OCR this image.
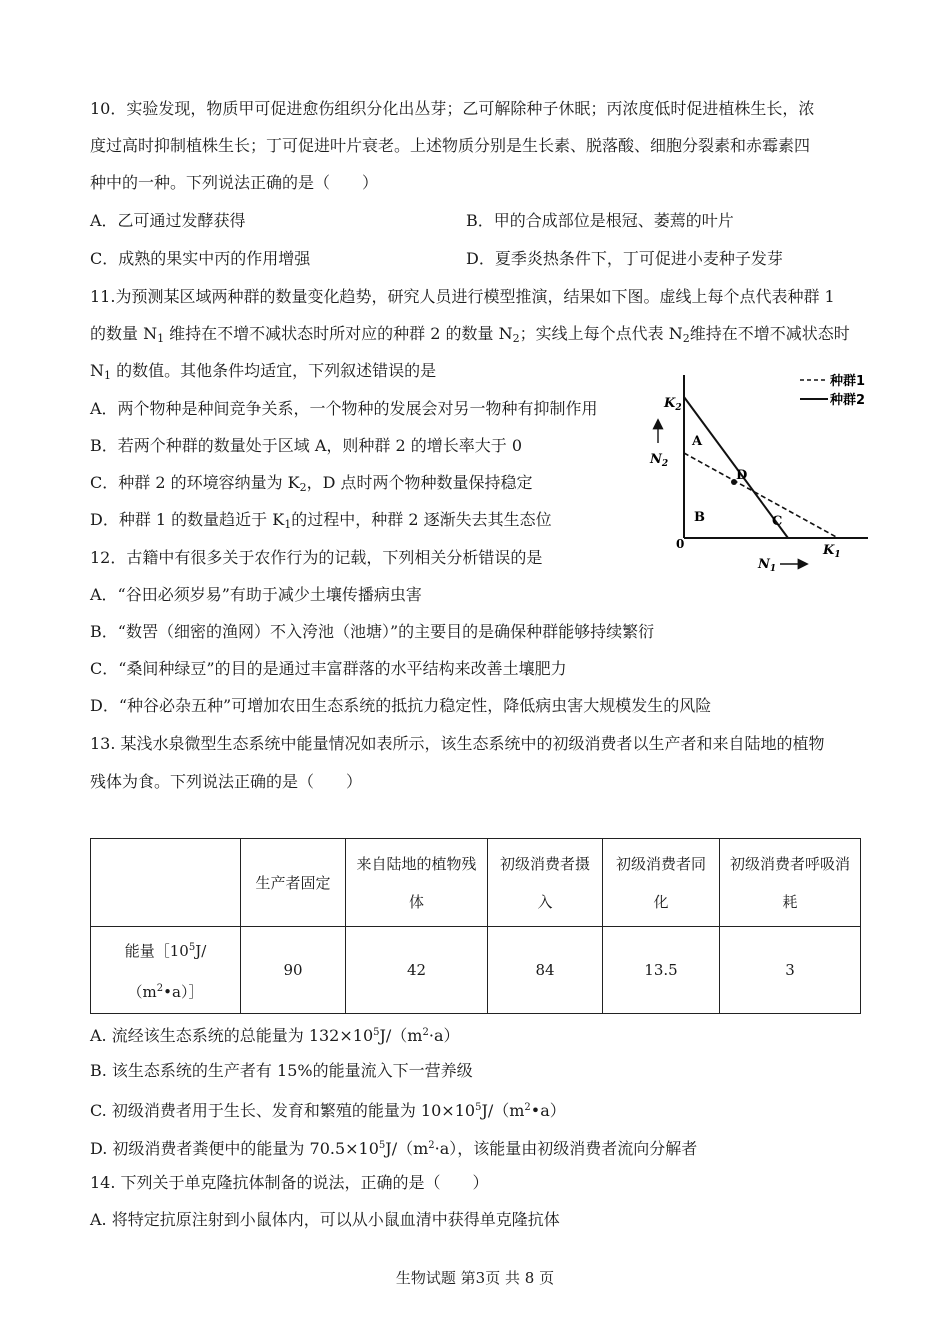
10．实验发现，物质甲可促进愈伤组织分化出丛芽；乙可解除种子休眠；丙浓度低时促进植株生长，浓
度过高时抑制植株生长；丁可促进叶片衰老。上述物质分别是生长素、脱落酸、细胞分裂素和赤霉素四
种中的一种。下列说法正确的是（　　）
A．乙可通过发酵获得	B．甲的合成部位是根冠、萎蔫的叶片
C．成熟的果实中丙的作用增强	D．夏季炎热条件下，丁可促进小麦种子发芽
11.为预测某区域两种群的数量变化趋势，研究人员进行模型推演，结果如下图。虚线上每个点代表种群 1
的数量 $N_1$ 维持在不增不减状态时所对应的种群 2 的数量 $N_2$；实线上每个点代表 $N_2$维持在不增不减状态时
$N_1$ 的数值。其他条件均适宜，下列叙述错误的是
A．两个物种是种间竞争关系，一个物种的发展会对另一物种有抑制作用
B．若两个种群的数量处于区域 A，则种群 2 的增长率大于 0
C．种群 2 的环境容纳量为 $K_2$，D 点时两个物种数量保持稳定
D．种群 1 的数量趋近于 $K_1$的过程中，种群 2 逐渐失去其生态位
种群1
种群2
$K_2$
$N_2$
A
B	C
D
0	$K_1$
$N_1$
12．古籍中有很多关于农作行为的记载，下列相关分析错误的是
A．“谷田必须岁易”有助于减少土壤传播病虫害
B．“数罟（细密的渔网）不入洿池（池塘）”的主要目的是确保种群能够持续繁衍
C．“桑间种绿豆”的目的是通过丰富群落的水平结构来改善土壤肥力
D．“种谷必杂五种”可增加农田生态系统的抵抗力稳定性，降低病虫害大规模发生的风险
13. 某浅水泉微型生态系统中能量情况如表所示，该生态系统中的初级消费者以生产者和来自陆地的植物
残体为食。下列说法正确的是（　　）
	生产者固定	来自陆地的植物残体	初级消费者摄入	初级消费者同化	初级消费者呼吸消耗
能量$[10^5J/$
$(m^2•a)]$	90	42	84	13.5	3
A. 流经该生态系统的总能量为 $132\times 10^5J/(m^2\cdot a)$
B. 该生态系统的生产者有 15%的能量流入下一营养级
C. 初级消费者用于生长、发育和繁殖的能量为 $10\times 10^5J/(m^2•a)$
D. 初级消费者粪便中的能量为 $70.5\times 10^5J/(m^2\cdot a)$，该能量由初级消费者流向分解者
14. 下列关于单克隆抗体制备的说法，正确的是（　　）
A. 将特定抗原注射到小鼠体内，可以从小鼠血清中获得单克隆抗体
生物试题 第3页 共 8 页
